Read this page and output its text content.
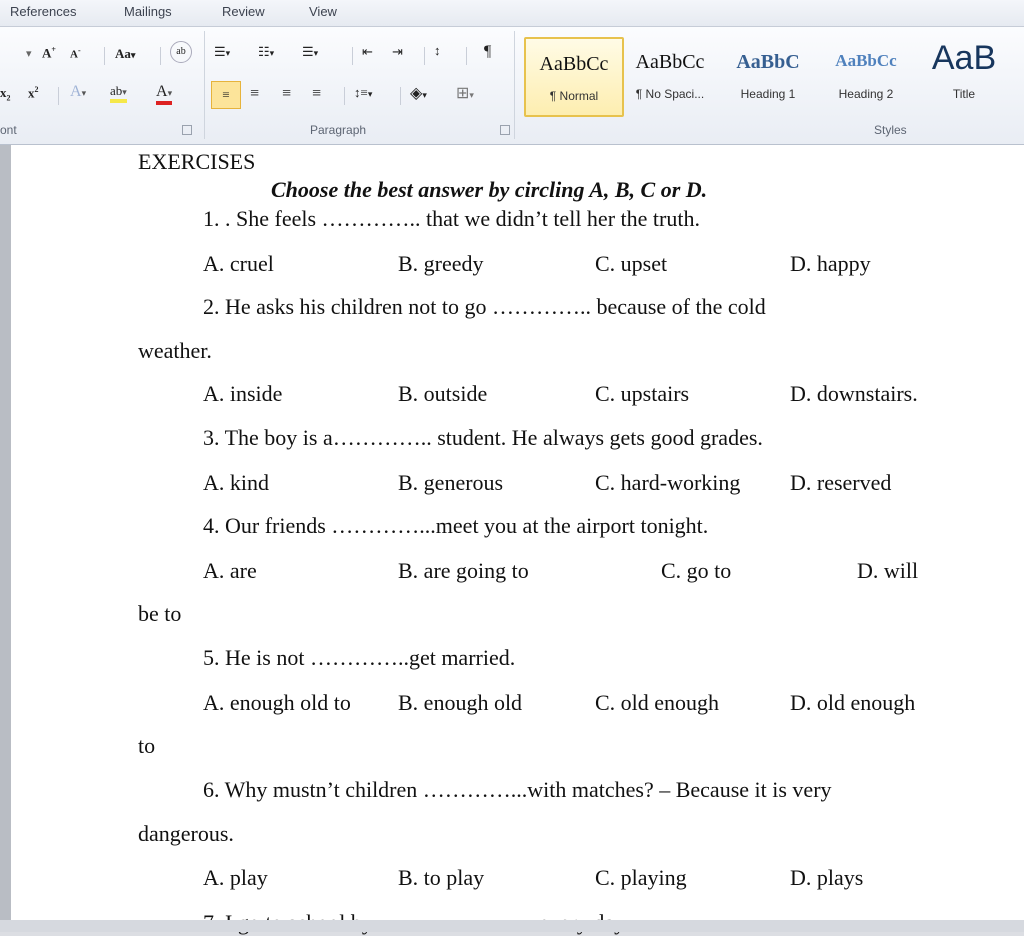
References	Mailings	Review	View
▾ A+ A-	Aa▾	ab
$x_2$ $x^2$ A▾ ab▾ A▾
ont
☰▾ ☷▾ ☰▾	⇤ ⇥ ↕	¶
≡	≡ ≡ ≡	↕≡▾ ◈▾ ⊞▾
Paragraph
AaBbCc
¶ Normal
AaBbCc
¶ No Spaci...
AaBbC
Heading 1
AaBbCc
Heading 2
AaB
Title
Styles
EXERCISES
Choose the best answer by circling A, B, C or D.
1. . She feels ………….. that we didn’t tell her the truth.
A. cruel	B. greedy	C. upset	D. happy
2. He asks his children not to go ………….. because of the cold
weather.
A. inside	B. outside	C. upstairs	D. downstairs.
3. The boy is a………….. student. He always gets good grades.
A. kind	B. generous	C. hard-working D. reserved
4. Our friends …………...meet you at the airport tonight.
A. are	B. are going to	C. go to	D. will
be to
5. He is not …………..get married.
A. enough old to B. enough old	C. old enough	D. old enough
to
6. Why mustn’t children …………...with matches? – Because it is very
dangerous.
A. play	B. to play	C. playing	D. plays
